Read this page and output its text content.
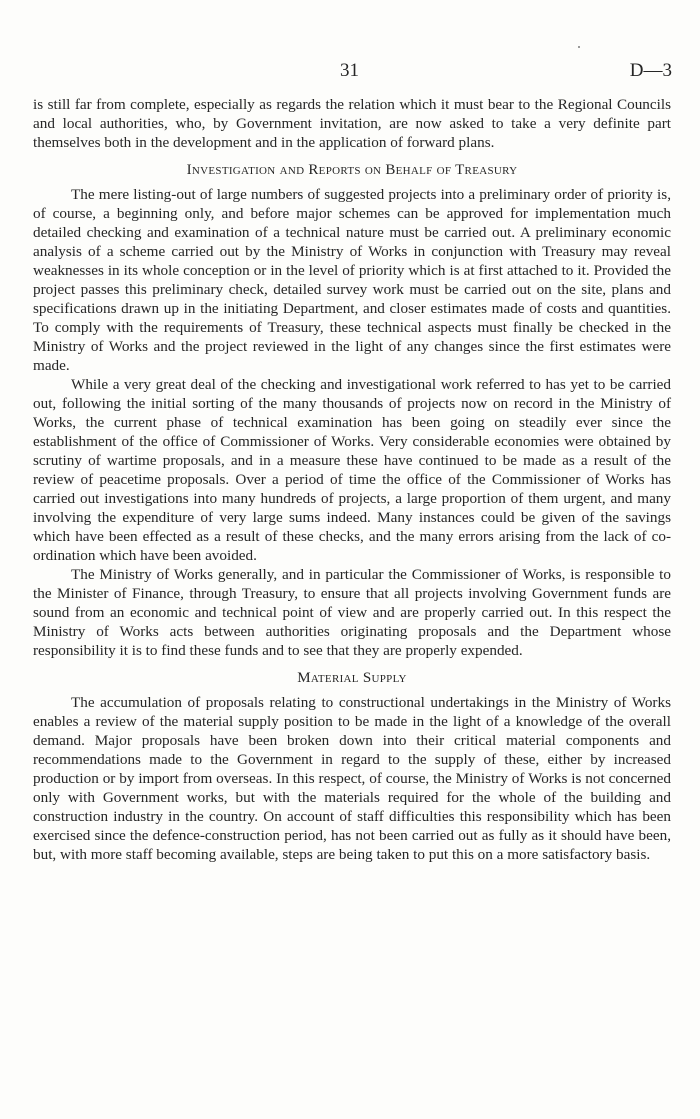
31	D—3

is still far from complete, especially as regards the relation which it must bear to the Regional Councils and local authorities, who, by Government invitation, are now asked to take a very definite part themselves both in the development and in the application of forward plans.

Investigation and Reports on Behalf of Treasury

The mere listing-out of large numbers of suggested projects into a preliminary order of priority is, of course, a beginning only, and before major schemes can be approved for implementation much detailed checking and examination of a technical nature must be carried out. A preliminary economic analysis of a scheme carried out by the Ministry of Works in conjunction with Treasury may reveal weaknesses in its whole conception or in the level of priority which is at first attached to it. Provided the project passes this preliminary check, detailed survey work must be carried out on the site, plans and specifications drawn up in the initiating Department, and closer estimates made of costs and quantities. To comply with the requirements of Treasury, these technical aspects must finally be checked in the Ministry of Works and the project reviewed in the light of any changes since the first estimates were made.

While a very great deal of the checking and investigational work referred to has yet to be carried out, following the initial sorting of the many thousands of projects now on record in the Ministry of Works, the current phase of technical examination has been going on steadily ever since the establishment of the office of Commissioner of Works. Very considerable economies were obtained by scrutiny of wartime proposals, and in a measure these have continued to be made as a result of the review of peacetime proposals. Over a period of time the office of the Commissioner of Works has carried out investigations into many hundreds of projects, a large proportion of them urgent, and many involving the expenditure of very large sums indeed. Many instances could be given of the savings which have been effected as a result of these checks, and the many errors arising from the lack of co-ordination which have been avoided.

The Ministry of Works generally, and in particular the Commissioner of Works, is responsible to the Minister of Finance, through Treasury, to ensure that all projects involving Government funds are sound from an economic and technical point of view and are properly carried out. In this respect the Ministry of Works acts between authorities originating proposals and the Department whose responsibility it is to find these funds and to see that they are properly expended.

Material Supply

The accumulation of proposals relating to constructional undertakings in the Ministry of Works enables a review of the material supply position to be made in the light of a knowledge of the overall demand. Major proposals have been broken down into their critical material components and recommendations made to the Government in regard to the supply of these, either by increased production or by import from overseas. In this respect, of course, the Ministry of Works is not concerned only with Government works, but with the materials required for the whole of the building and construction industry in the country. On account of staff difficulties this responsibility which has been exercised since the defence-construction period, has not been carried out as fully as it should have been, but, with more staff becoming available, steps are being taken to put this on a more satisfactory basis.
